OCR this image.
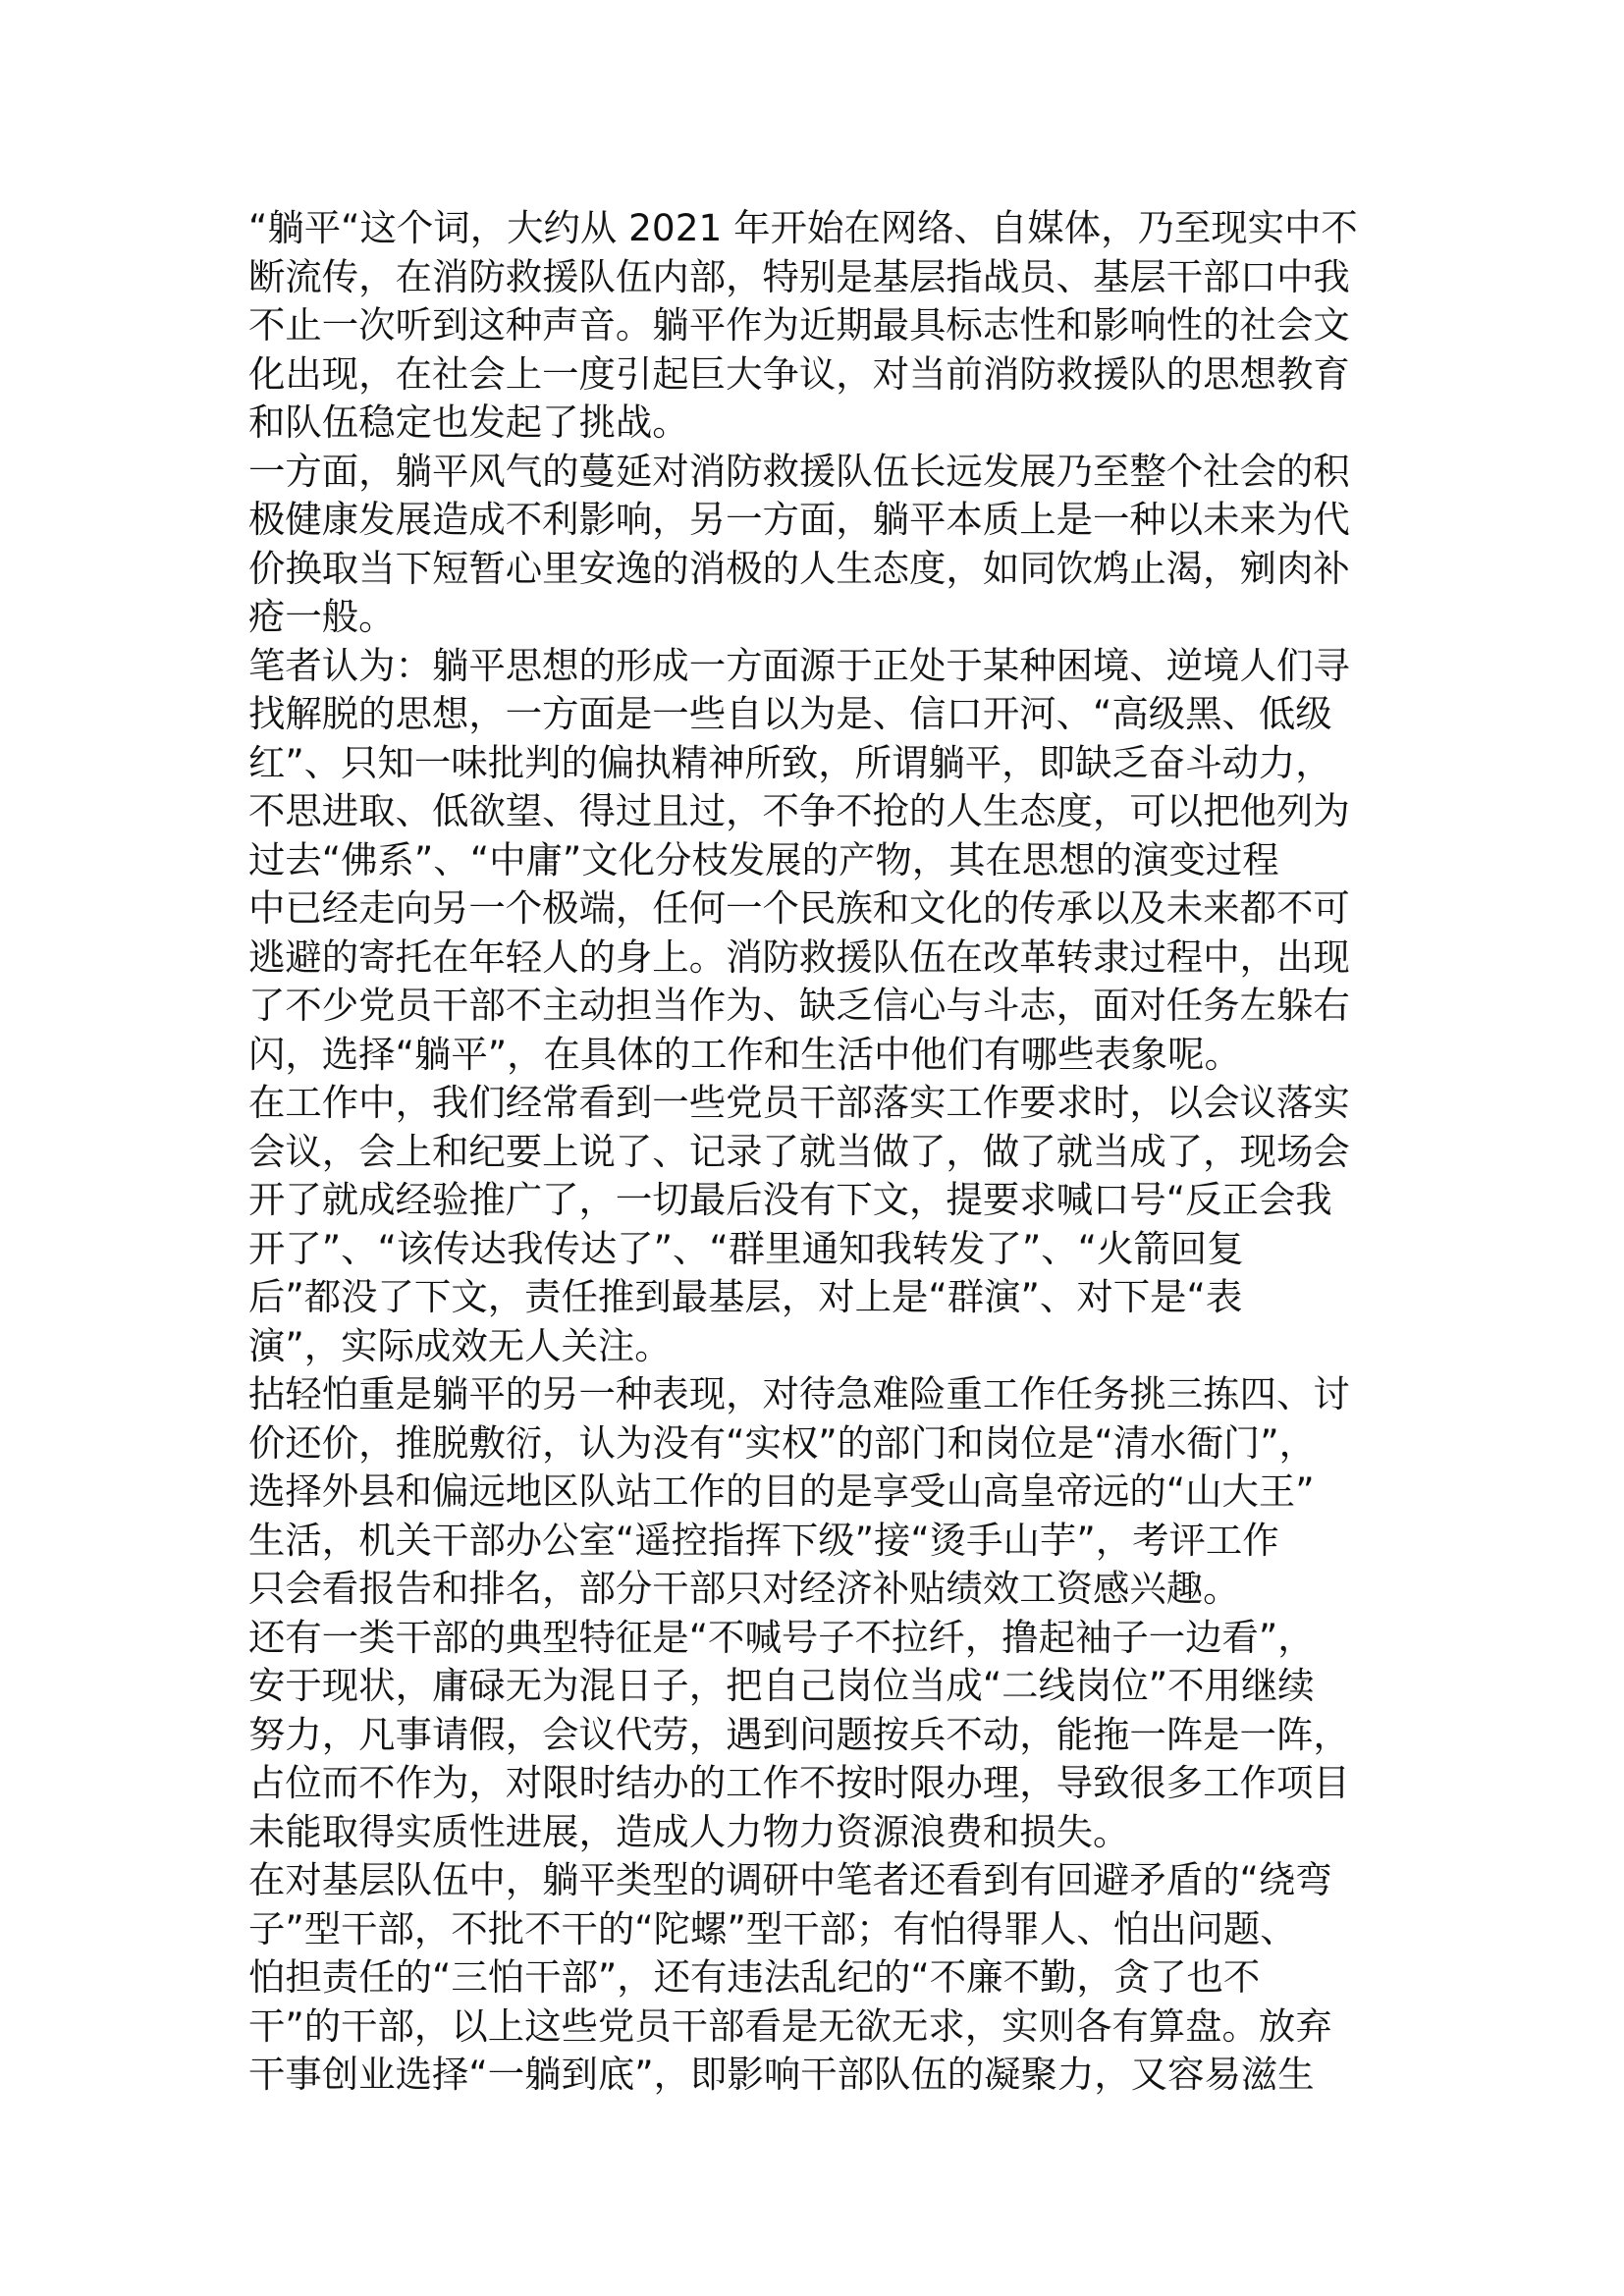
“躺平“这个词，大约从 2021 年开始在网络、自媒体，乃至现实中不
断流传，在消防救援队伍内部，特别是基层指战员、基层干部口中我
不止一次听到这种声音。躺平作为近期最具标志性和影响性的社会文
化出现，在社会上一度引起巨大争议，对当前消防救援队的思想教育
和队伍稳定也发起了挑战。
一方面，躺平风气的蔓延对消防救援队伍长远发展乃至整个社会的积
极健康发展造成不利影响，另一方面，躺平本质上是一种以未来为代
价换取当下短暂心里安逸的消极的人生态度，如同饮鸩止渴，剜肉补
疮一般。
笔者认为：躺平思想的形成一方面源于正处于某种困境、逆境人们寻
找解脱的思想，一方面是一些自以为是、信口开河、“高级黑、低级
红”、只知一味批判的偏执精神所致，所谓躺平，即缺乏奋斗动力，
不思进取、低欲望、得过且过，不争不抢的人生态度，可以把他列为
过去“佛系”、“中庸”文化分枝发展的产物，其在思想的演变过程
中已经走向另一个极端，任何一个民族和文化的传承以及未来都不可
逃避的寄托在年轻人的身上。消防救援队伍在改革转隶过程中，出现
了不少党员干部不主动担当作为、缺乏信心与斗志，面对任务左躲右
闪，选择“躺平”，在具体的工作和生活中他们有哪些表象呢。
在工作中，我们经常看到一些党员干部落实工作要求时，以会议落实
会议，会上和纪要上说了、记录了就当做了，做了就当成了，现场会
开了就成经验推广了，一切最后没有下文，提要求喊口号“反正会我
开了”、“该传达我传达了”、“群里通知我转发了”、“火箭回复
后”都没了下文，责任推到最基层，对上是“群演”、对下是“表
演”，实际成效无人关注。
拈轻怕重是躺平的另一种表现，对待急难险重工作任务挑三拣四、讨
价还价，推脱敷衍，认为没有“实权”的部门和岗位是“清水衙门”，
选择外县和偏远地区队站工作的目的是享受山高皇帝远的“山大王”
生活，机关干部办公室“遥控指挥下级”接“烫手山芋”，考评工作
只会看报告和排名，部分干部只对经济补贴绩效工资感兴趣。
还有一类干部的典型特征是“不喊号子不拉纤，撸起袖子一边看”，
安于现状，庸碌无为混日子，把自己岗位当成“二线岗位”不用继续
努力，凡事请假，会议代劳，遇到问题按兵不动，能拖一阵是一阵，
占位而不作为，对限时结办的工作不按时限办理，导致很多工作项目
未能取得实质性进展，造成人力物力资源浪费和损失。
在对基层队伍中，躺平类型的调研中笔者还看到有回避矛盾的“绕弯
子”型干部，不批不干的“陀螺”型干部；有怕得罪人、怕出问题、
怕担责任的“三怕干部”，还有违法乱纪的“不廉不勤，贪了也不
干”的干部，以上这些党员干部看是无欲无求，实则各有算盘。放弃
干事创业选择“一躺到底”，即影响干部队伍的凝聚力，又容易滋生
